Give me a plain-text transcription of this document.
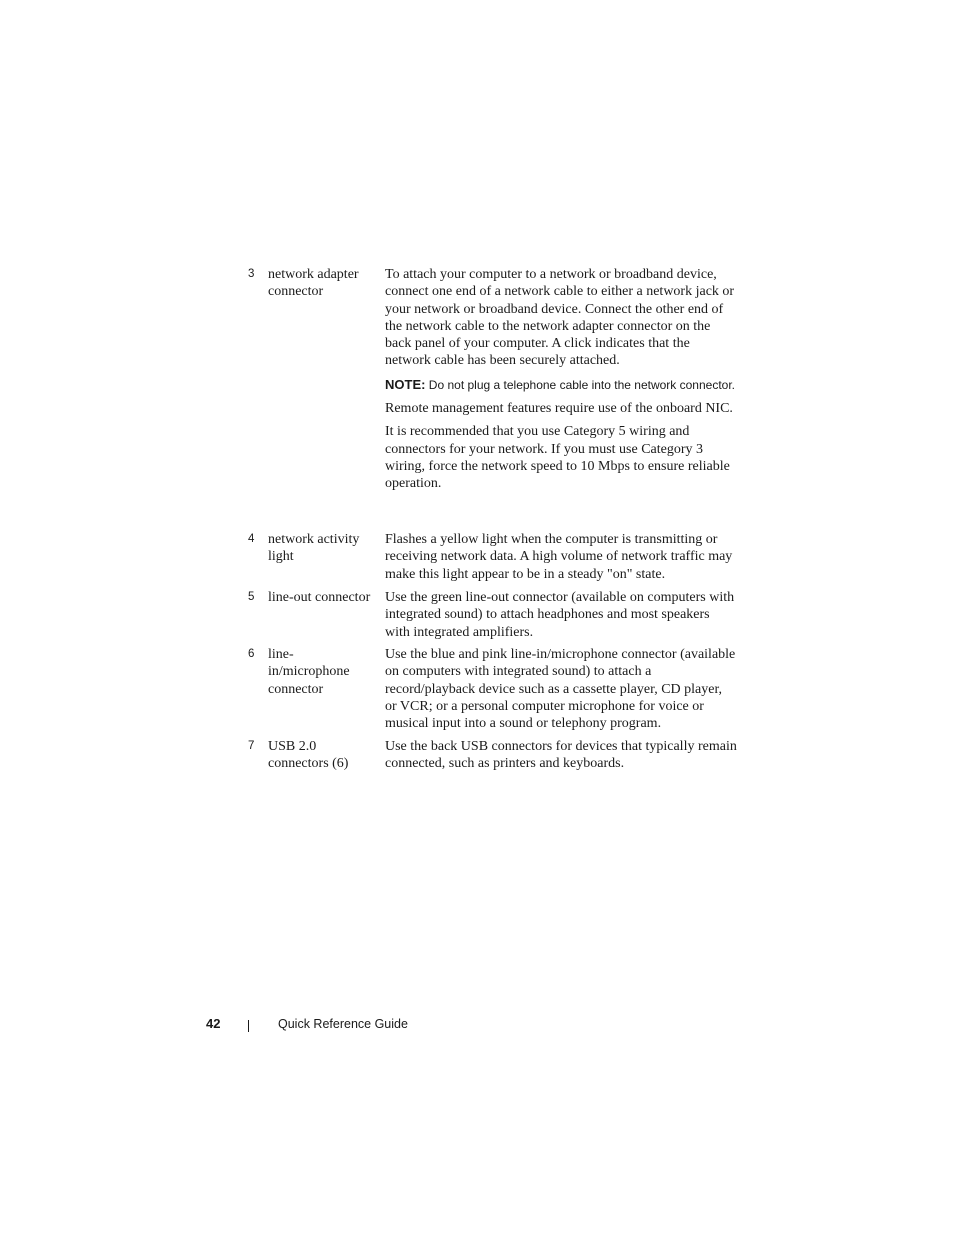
3 network adapter connector

To attach your computer to a network or broadband device, connect one end of a network cable to either a network jack or your network or broadband device. Connect the other end of the network cable to the network adapter connector on the back panel of your computer. A click indicates that the network cable has been securely attached.

NOTE: Do not plug a telephone cable into the network connector.

Remote management features require use of the onboard NIC.

It is recommended that you use Category 5 wiring and connectors for your network. If you must use Category 3 wiring, force the network speed to 10 Mbps to ensure reliable operation.

4 network activity light

Flashes a yellow light when the computer is transmitting or receiving network data. A high volume of network traffic may make this light appear to be in a steady "on" state.

5 line-out connector Use the green line-out connector (available on computers with integrated sound) to attach headphones and most speakers with integrated amplifiers.

6 line-in/microphone connector

Use the blue and pink line-in/microphone connector (available on computers with integrated sound) to attach a record/playback device such as a cassette player, CD player, or VCR; or a personal computer microphone for voice or musical input into a sound or telephony program.

7 USB 2.0 connectors (6)

Use the back USB connectors for devices that typically remain connected, such as printers and keyboards.

42	Quick Reference Guide
